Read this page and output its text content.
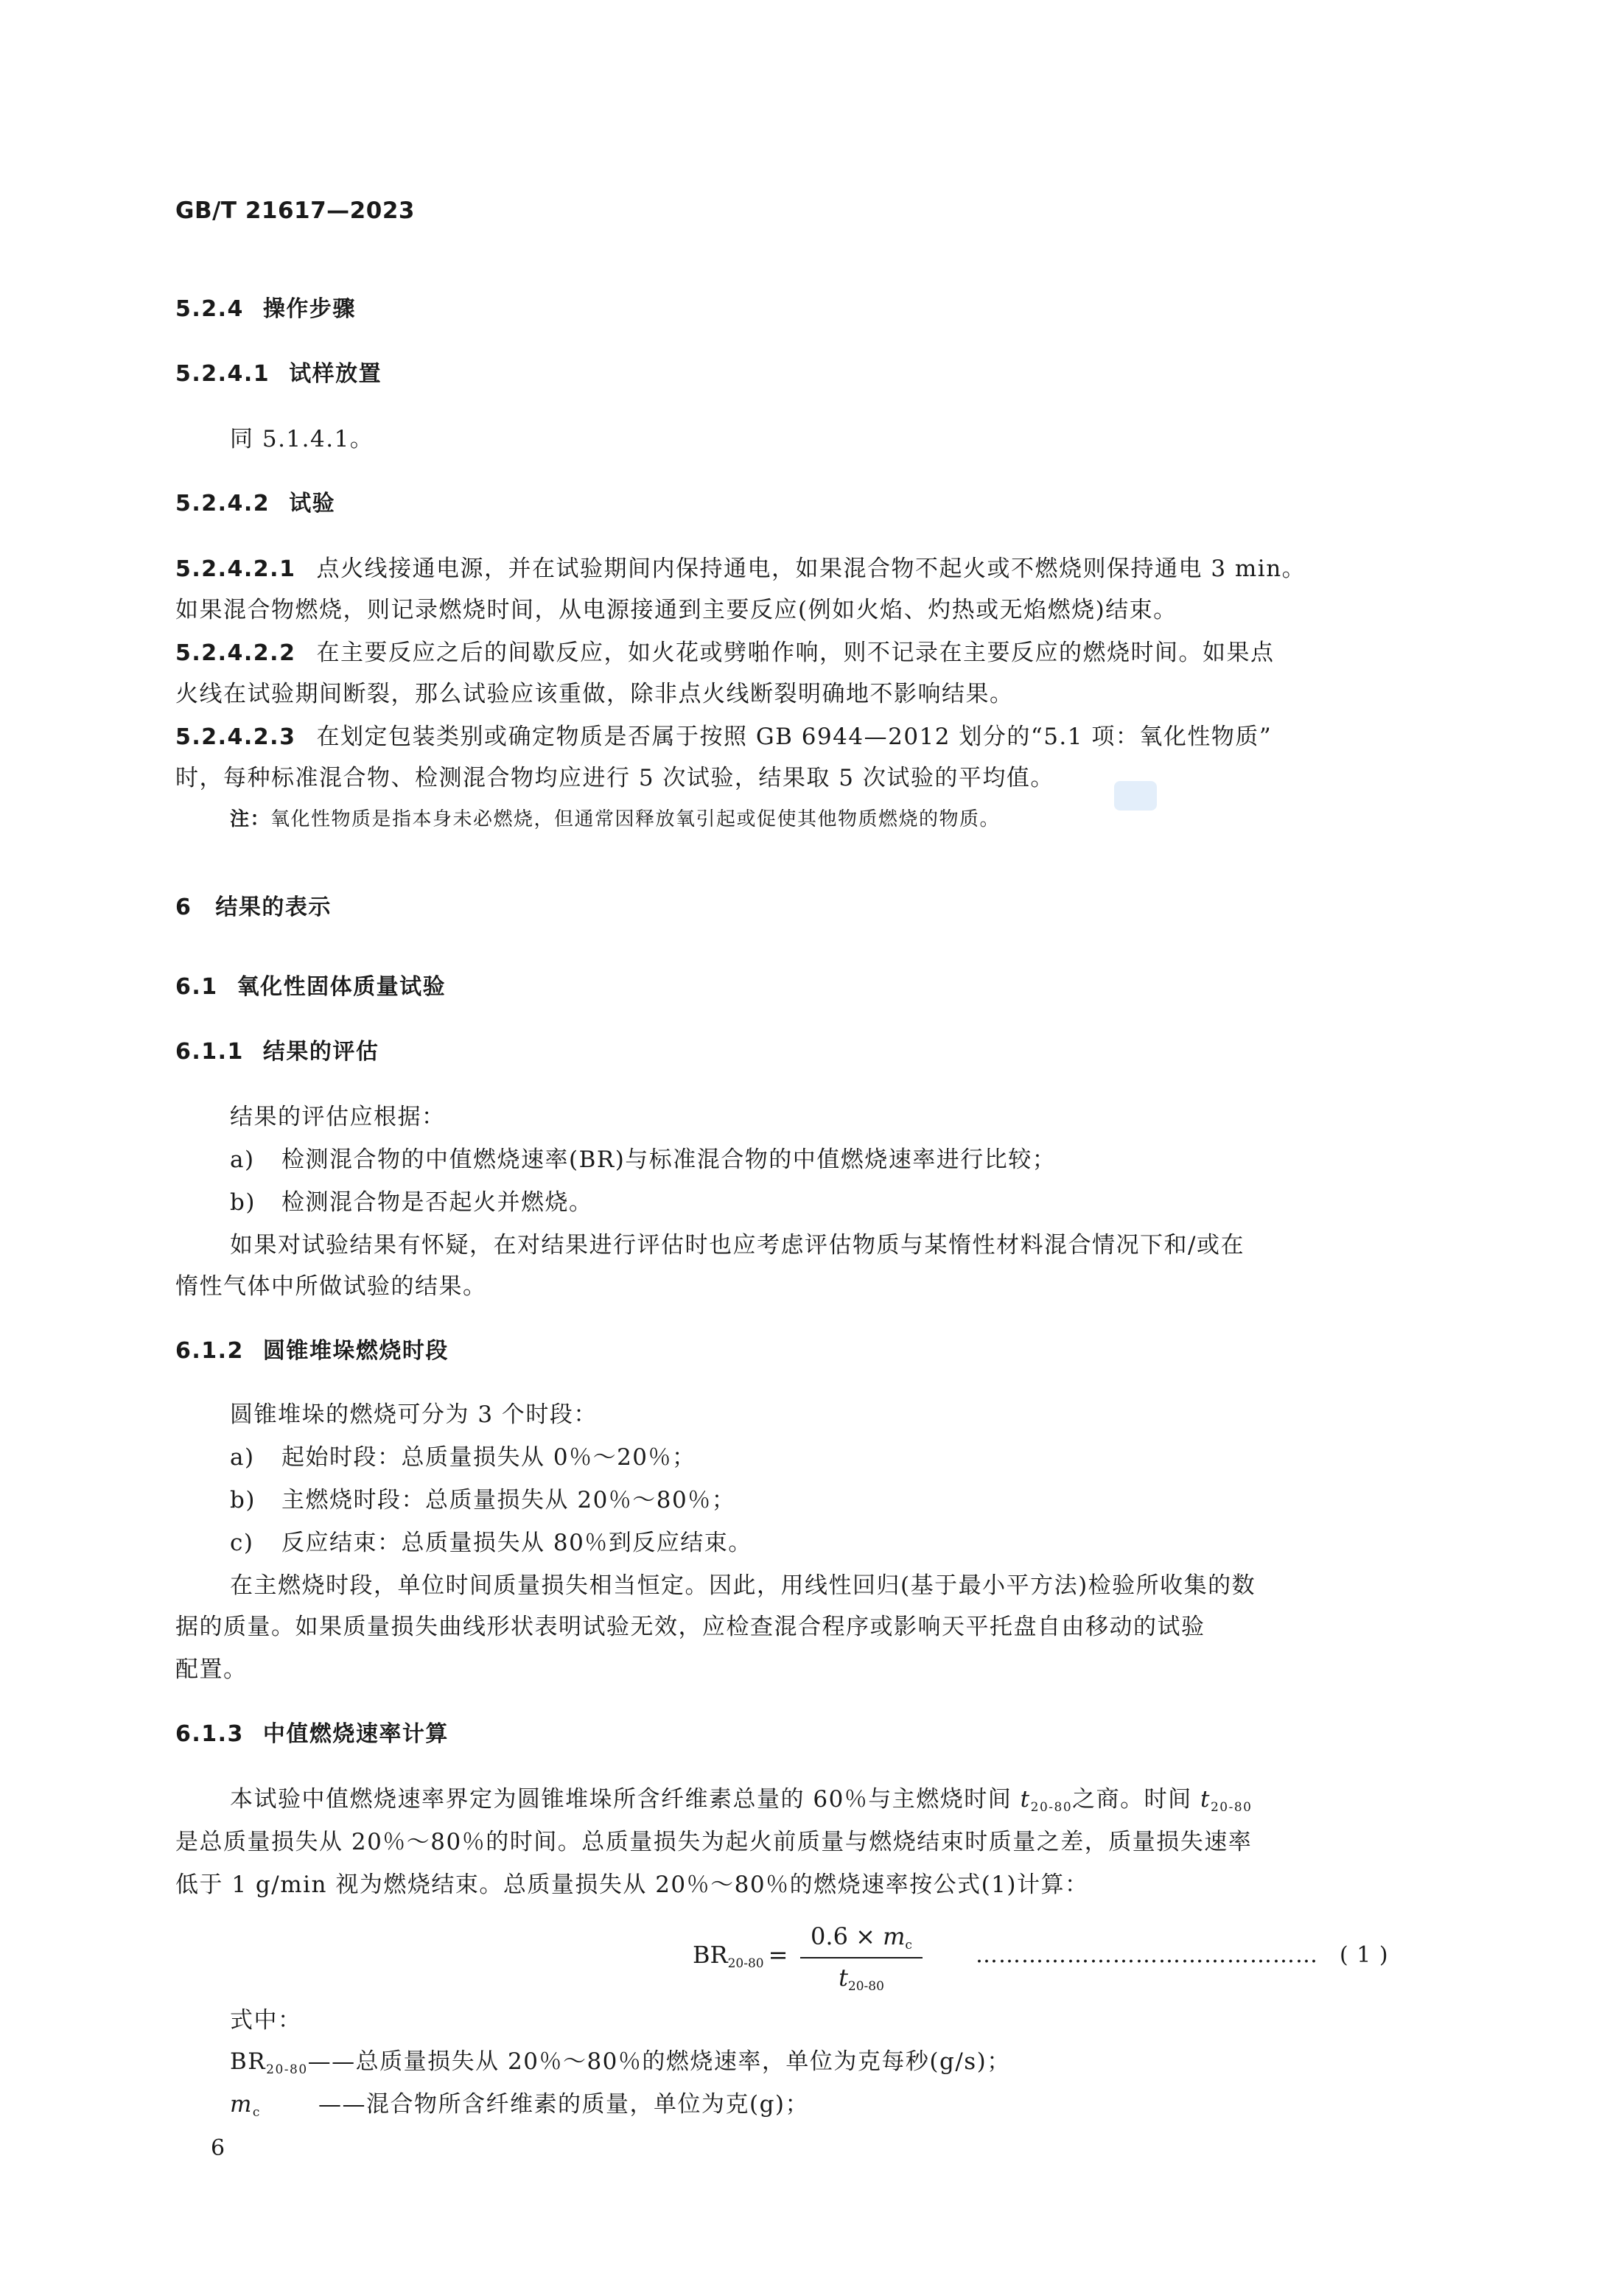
GB/T 21617—2023

5.2.4 操作步骤

5.2.4.1 试样放置

同 5.1.4.1。

5.2.4.2 试验

5.2.4.2.1 点火线接通电源，并在试验期间内保持通电，如果混合物不起火或不燃烧则保持通电 3 min。

如果混合物燃烧，则记录燃烧时间，从电源接通到主要反应(例如火焰、灼热或无焰燃烧)结束。

5.2.4.2.2 在主要反应之后的间歇反应，如火花或劈啪作响，则不记录在主要反应的燃烧时间。如果点

火线在试验期间断裂，那么试验应该重做，除非点火线断裂明确地不影响结果。

5.2.4.2.3 在划定包装类别或确定物质是否属于按照 GB 6944—2012 划分的“5.1 项：氧化性物质”

时，每种标准混合物、检测混合物均应进行 5 次试验，结果取 5 次试验的平均值。

注：氧化性物质是指本身未必燃烧，但通常因释放氧引起或促使其他物质燃烧的物质。

6 结果的表示

6.1 氧化性固体质量试验

6.1.1 结果的评估

结果的评估应根据：

a) 检测混合物的中值燃烧速率(BR)与标准混合物的中值燃烧速率进行比较；

b) 检测混合物是否起火并燃烧。

如果对试验结果有怀疑，在对结果进行评估时也应考虑评估物质与某惰性材料混合情况下和/或在

惰性气体中所做试验的结果。

6.1.2 圆锥堆垛燃烧时段

圆锥堆垛的燃烧可分为 3 个时段：

a) 起始时段：总质量损失从 0％～20％；

b) 主燃烧时段：总质量损失从 20％～80％；

c) 反应结束：总质量损失从 80％到反应结束。

在主燃烧时段，单位时间质量损失相当恒定。因此，用线性回归(基于最小平方法)检验所收集的数

据的质量。如果质量损失曲线形状表明试验无效，应检查混合程序或影响天平托盘自由移动的试验

配置。

6.1.3 中值燃烧速率计算

本试验中值燃烧速率界定为圆锥堆垛所含纤维素总量的 60％与主燃烧时间 $t_{20-80}$之商。时间 $t_{20-80}$

是总质量损失从 20％～80％的时间。总质量损失为起火前质量与燃烧结束时质量之差，质量损失速率

低于 1 g/min 视为燃烧结束。总质量损失从 20％～80％的燃烧速率按公式(1)计算：

$BR_{20-80}$ =
$0.6 \times m_c$
$t_{20-80}$
……………………………………… ( 1 )

式中：

$BR_{20-80}——$总质量损失从 20％～80％的燃烧速率，单位为克每秒(g/s)；

$m_c$	——混合物所含纤维素的质量，单位为克(g)；

6
